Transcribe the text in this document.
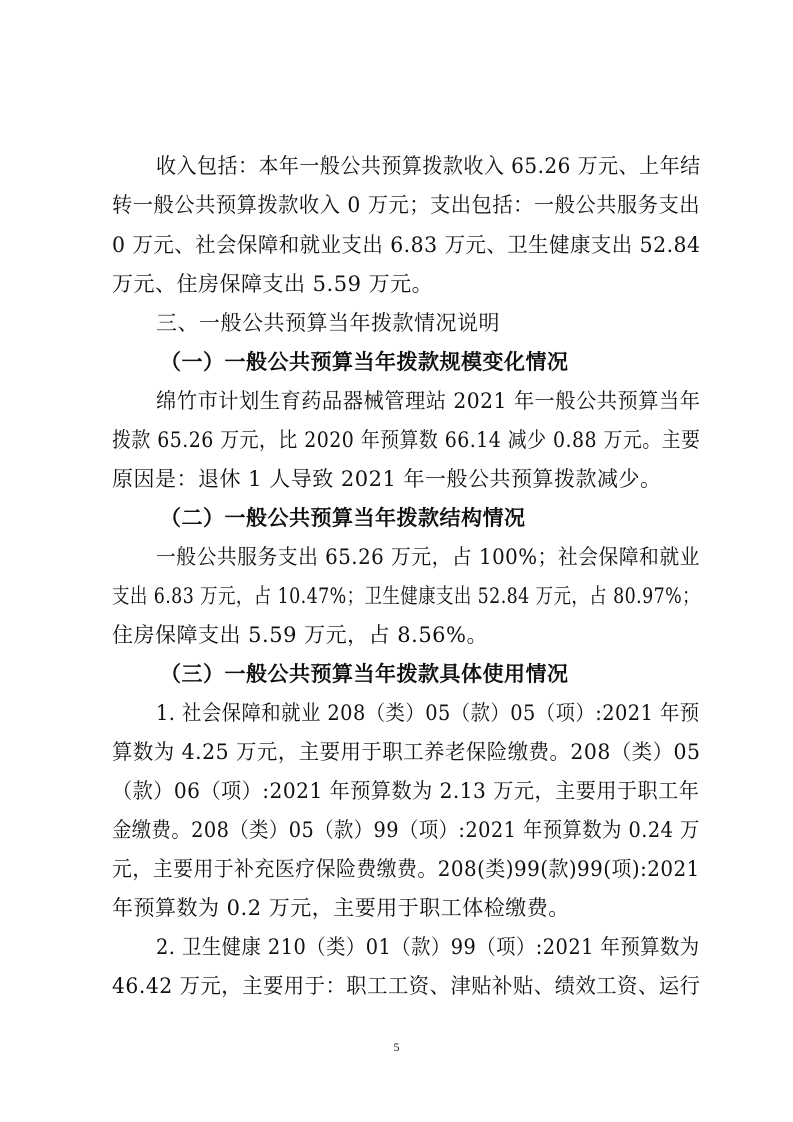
收入包括：本年一般公共预算拨款收入 65.26 万元、上年结
转一般公共预算拨款收入 0 万元；支出包括：一般公共服务支出
0 万元、社会保障和就业支出 6.83 万元、卫生健康支出 52.84
万元、住房保障支出 5.59 万元。
三、一般公共预算当年拨款情况说明
（一）一般公共预算当年拨款规模变化情况
绵竹市计划生育药品器械管理站 2021 年一般公共预算当年
拨款 65.26 万元，比 2020 年预算数 66.14 减少 0.88 万元。主要
原因是：退休 1 人导致 2021 年一般公共预算拨款减少。
（二）一般公共预算当年拨款结构情况
一般公共服务支出 65.26 万元，占 100%；社会保障和就业
支出 6.83 万元，占 10.47%；卫生健康支出 52.84 万元，占 80.97%；
住房保障支出 5.59 万元，占 8.56%。
（三）一般公共预算当年拨款具体使用情况
1. 社会保障和就业 208（类）05（款）05（项）:2021 年预
算数为 4.25 万元，主要用于职工养老保险缴费。208（类）05
（款）06（项）:2021 年预算数为 2.13 万元，主要用于职工年
金缴费。208（类）05（款）99（项）:2021 年预算数为 0.24 万
元，主要用于补充医疗保险费缴费。208(类)99(款)99(项):2021
年预算数为 0.2 万元，主要用于职工体检缴费。
2. 卫生健康 210（类）01（款）99（项）:2021 年预算数为
46.42 万元，主要用于：职工工资、津贴补贴、绩效工资、运行
5
